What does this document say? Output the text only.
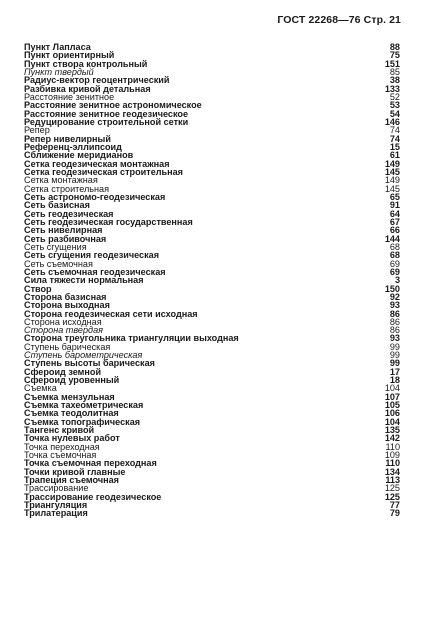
ГОСТ 22268—76 Стр. 21
Пункт Лапласа	88
Пункт ориентирный	75
Пункт створа контрольный	151
Пункт твердый	85
Радиус-вектор геоцентрический	38
Разбивка кривой детальная	133
Расстояние зенитное	52
Расстояние зенитное астрономическое	53
Расстояние зенитное геодезическое	54
Редуцирование строительной сетки	146
Репер	74
Репер нивелирный	74
Референц-эллипсоид	15
Сближение меридианов	61
Сетка геодезическая монтажная	149
Сетка геодезическая строительная	145
Сетка монтажная	149
Сетка строительная	145
Сеть астрономо-геодезическая	65
Сеть базисная	91
Сеть геодезическая	64
Сеть геодезическая государственная	67
Сеть нивелирная	66
Сеть разбивочная	144
Сеть сгущения	68
Сеть сгущения геодезическая	68
Сеть съемочная	69
Сеть съемочная геодезическая	69
Сила тяжести нормальная	3
Створ	150
Сторона базисная	92
Сторона выходная	93
Сторона геодезическая сети исходная	86
Сторона исходная	86
Сторона твердая	86
Сторона треугольника триангуляции выходная	93
Ступень барическая	99
Ступень барометрическая	99
Ступень высоты барическая	99
Сфероид земной	17
Сфероид уровенный	18
Съемка	104
Съемка мензульная	107
Съемка тахеометрическая	105
Съемка теодолитная	106
Съемка топографическая	104
Тангенс кривой	135
Точка нулевых работ	142
Точка переходная	110
Точка съемочная	109
Точка съемочная переходная	110
Точки кривой главные	134
Трапеция съемочная	113
Трассирование	125
Трассирование геодезическое	125
Триангуляция	77
Трилатерация	79
